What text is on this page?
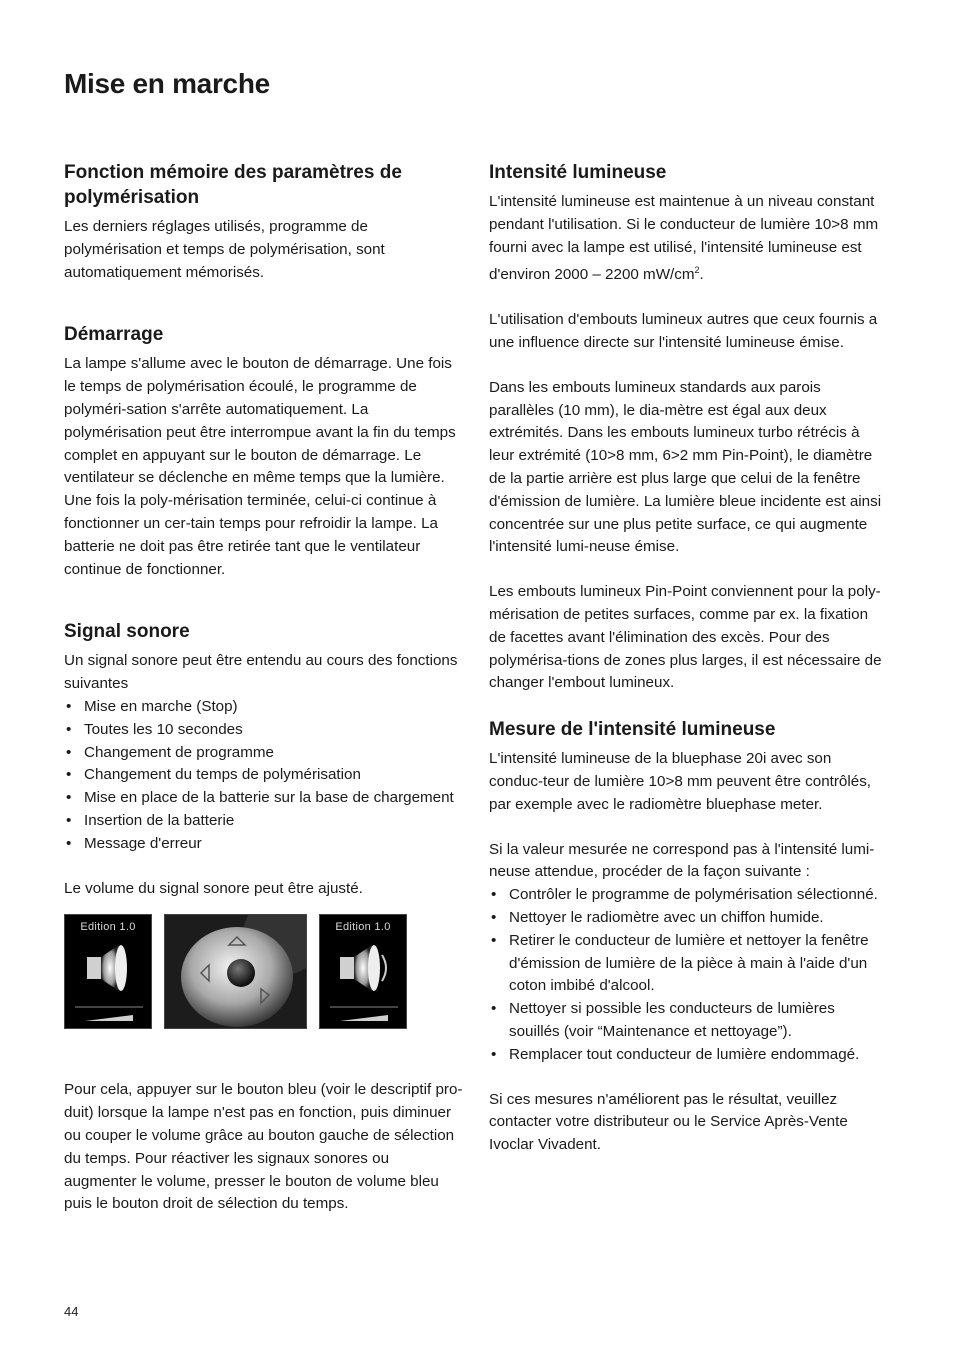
Mise en marche
Fonction mémoire des paramètres de polymérisation

Les derniers réglages utilisés, programme de polymérisation et temps de polymérisation, sont automatiquement mémorisés.

Démarrage

La lampe s'allume avec le bouton de démarrage. Une fois le temps de polymérisation écoulé, le programme de polyméri-sation s'arrête automatiquement. La polymérisation peut être interrompue avant la fin du temps complet en appuyant sur le bouton de démarrage. Le ventilateur se déclenche en même temps que la lumière. Une fois la poly-mérisation terminée, celui-ci continue à fonctionner un cer-tain temps pour refroidir la lampe. La batterie ne doit pas être retirée tant que le ventilateur continue de fonctionner.

Signal sonore

Un signal sonore peut être entendu au cours des fonctions suivantes

• Mise en marche (Stop)
• Toutes les 10 secondes
• Changement de programme
• Changement du temps de polymérisation
• Mise en place de la batterie sur la base de chargement
• Insertion de la batterie
• Message d'erreur

Le volume du signal sonore peut être ajusté.

Edition 1.0	Edition 1.0

Pour cela, appuyer sur le bouton bleu (voir le descriptif pro-duit) lorsque la lampe n'est pas en fonction, puis diminuer ou couper le volume grâce au bouton gauche de sélection du temps. Pour réactiver les signaux sonores ou augmenter le volume, presser le bouton de volume bleu puis le bouton droit de sélection du temps.

Intensité lumineuse

L'intensité lumineuse est maintenue à un niveau constant pendant l'utilisation. Si le conducteur de lumière 10>8 mm fourni avec la lampe est utilisé, l'intensité lumineuse est d'environ 2000 – 2200 $mW/cm^2$.

L'utilisation d'embouts lumineux autres que ceux fournis a une influence directe sur l'intensité lumineuse émise.

Dans les embouts lumineux standards aux parois parallèles (10 mm), le dia-mètre est égal aux deux extrémités. Dans les embouts lumineux turbo rétrécis à leur extrémité (10>8 mm, 6>2 mm Pin-Point), le diamètre de la partie arrière est plus large que celui de la fenêtre d'émission de lumière. La lumière bleue incidente est ainsi concentrée sur une plus petite surface, ce qui augmente l'intensité lumi-neuse émise.

Les embouts lumineux Pin-Point conviennent pour la poly-mérisation de petites surfaces, comme par ex. la fixation de facettes avant l'élimination des excès. Pour des polymérisa-tions de zones plus larges, il est nécessaire de changer l'embout lumineux.

Mesure de l'intensité lumineuse

L'intensité lumineuse de la bluephase 20i avec son conduc-teur de lumière 10>8 mm peuvent être contrôlés, par exemple avec le radiomètre bluephase meter.

Si la valeur mesurée ne correspond pas à l'intensité lumi-neuse attendue, procéder de la façon suivante :

• Contrôler le programme de polymérisation sélectionné.
• Nettoyer le radiomètre avec un chiffon humide.
• Retirer le conducteur de lumière et nettoyer la fenêtre d'émission de lumière de la pièce à main à l'aide d'un coton imbibé d'alcool.
• Nettoyer si possible les conducteurs de lumières souillés (voir “Maintenance et nettoyage”).
• Remplacer tout conducteur de lumière endommagé.

Si ces mesures n'améliorent pas le résultat, veuillez contacter votre distributeur ou le Service Après-Vente Ivoclar Vivadent.

44
